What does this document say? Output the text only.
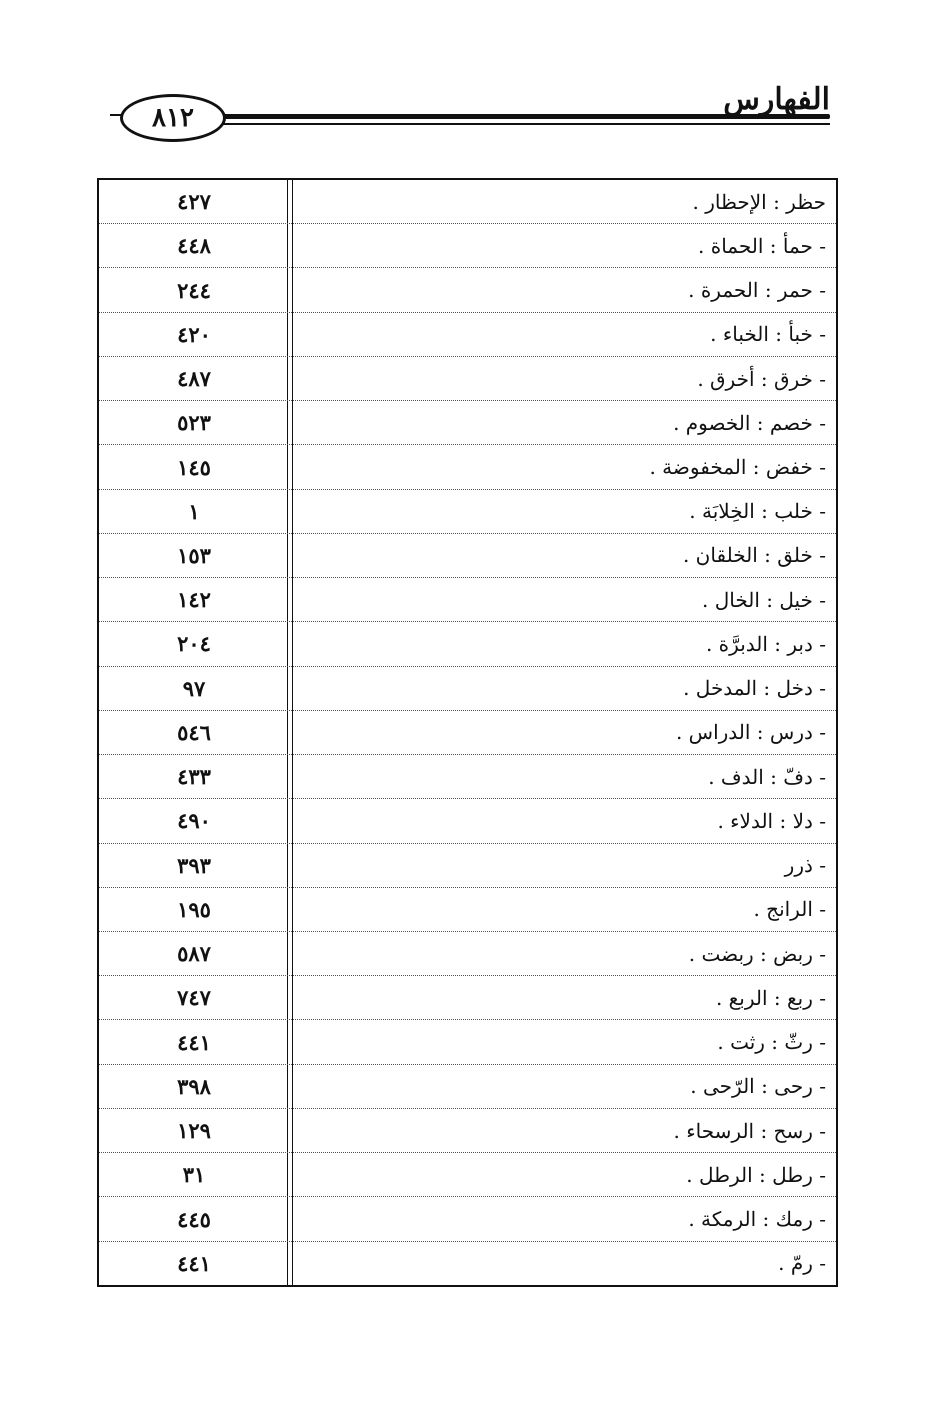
٨١٢
الفهارس
٤٢٧	حظر : الإحظار .
٤٤٨	- حمأ : الحماة .
٢٤٤	- حمر : الحمرة .
٤٢٠	- خبأ : الخباء .
٤٨٧	- خرق : أخرق .
٥٢٣	- خصم : الخصوم .
١٤٥	- خفض : المخفوضة .
١	- خلب : الخِلابَة .
١٥٣	- خلق : الخلقان .
١٤٢	- خيل : الخال .
٢٠٤	- دبر : الدبرَّة .
٩٧	- دخل : المدخل .
٥٤٦	- درس : الدراس .
٤٣٣	- دفّ : الدف .
٤٩٠	- دلا : الدلاء .
٣٩٣	- ذرر
١٩٥	- الرانج .
٥٨٧	- ربض : ربضت .
٧٤٧	- ربع : الربع .
٤٤١	- رثّ : رثت .
٣٩٨	- رحى : الرّحى .
١٢٩	- رسح : الرسحاء .
٣١	- رطل : الرطل .
٤٤٥	- رمك : الرمكة .
٤٤١	- رمّ .
